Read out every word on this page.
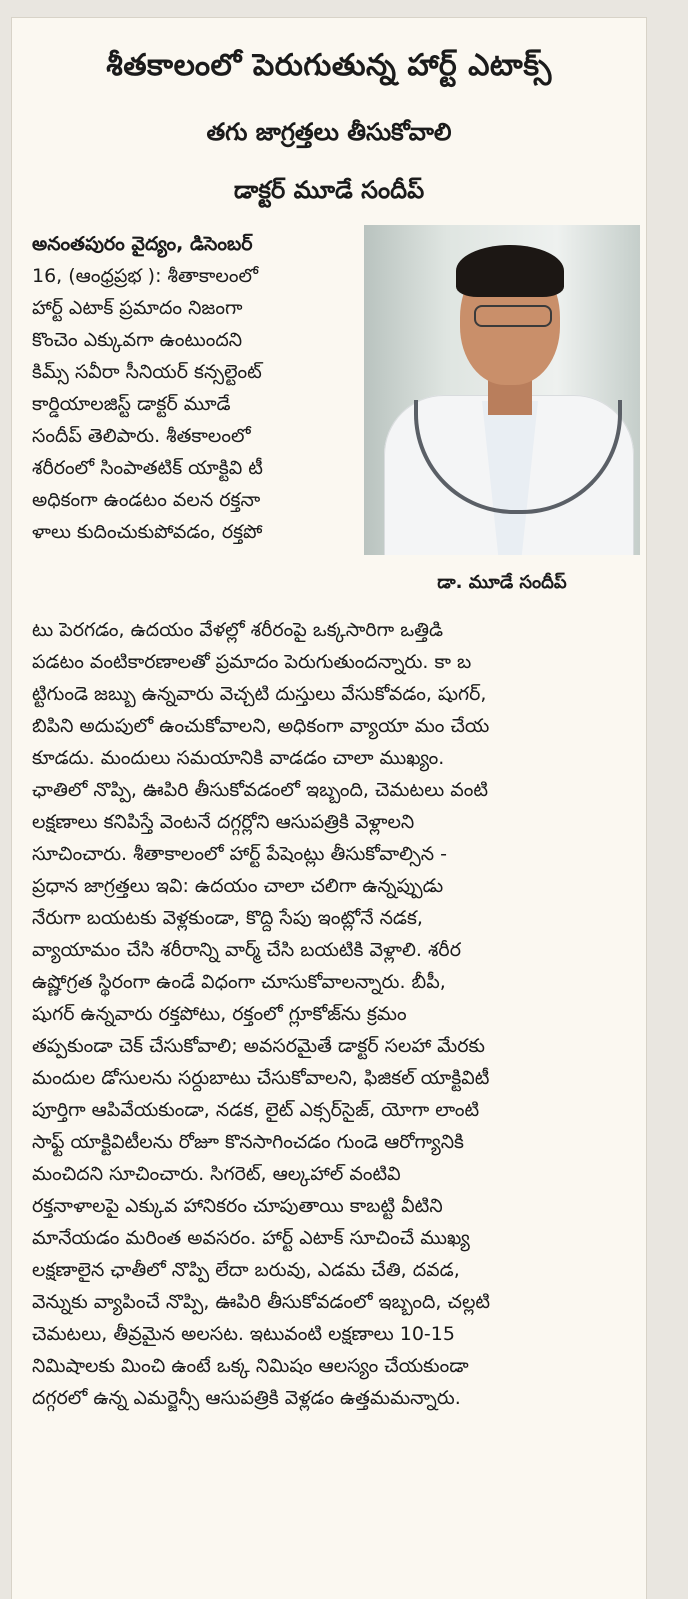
శీతకాలంలో పెరుగుతున్న హార్ట్ ఎటాక్స్
తగు జాగ్రత్తలు తీసుకోవాలి
డాక్టర్ మూడే సందీప్

అనంతపురం వైద్యం, డిసెంబర్

16, (ఆంధ్రప్రభ ): శీతాకాలంలో

హార్ట్ ఎటాక్ ప్రమాదం నిజంగా

కొంచెం ఎక్కువగా ఉంటుందని

కిమ్స్ సవీరా సీనియర్ కన్సల్టెంట్

కార్డియాలజిస్ట్ డాక్టర్ మూడే

సందీప్ తెలిపారు. శీతకాలంలో

శరీరంలో సింపాతటిక్ యాక్టివి టీ

అధికంగా ఉండటం వలన రక్తనా

ళాలు కుదించుకుపోవడం, రక్తపో

డా. మూడే సందీప్

టు పెరగడం, ఉదయం వేళల్లో శరీరంపై ఒక్కసారిగా ఒత్తిడి

పడటం వంటికారణాలతో ప్రమాదం పెరుగుతుందన్నారు. కా బ

ట్టిగుండె జబ్బు ఉన్నవారు వెచ్చటి దుస్తులు వేసుకోవడం, షుగర్,

బిపిని అదుపులో ఉంచుకోవాలని, అధికంగా వ్యాయా మం చేయ

కూడదు. మందులు సమయానికి వాడడం చాలా ముఖ్యం.

ఛాతిలో నొప్పి, ఊపిరి తీసుకోవడంలో ఇబ్బంది, చెమటలు వంటి

లక్షణాలు కనిపిస్తే వెంటనే దగ్గర్లోని ఆసుపత్రికి వెళ్లాలని

సూచించారు. శీతాకాలంలో హార్ట్ పేషెంట్లు తీసుకోవాల్సిన -

ప్రధాన జాగ్రత్తలు ఇవి: ఉదయం చాలా చలిగా ఉన్నప్పుడు

నేరుగా బయటకు వెళ్లకుండా, కొద్ది సేపు ఇంట్లోనే నడక,

వ్యాయామం చేసి శరీరాన్ని వార్మ్ చేసి బయటికి వెళ్లాలి. శరీర

ఉష్ణోగ్రత స్థిరంగా ఉండే విధంగా చూసుకోవాలన్నారు. బీపీ,

షుగర్ ఉన్నవారు రక్తపోటు, రక్తంలో గ్లూకోజ్‌ను క్రమం

తప్పకుండా చెక్ చేసుకోవాలి; అవసరమైతే డాక్టర్ సలహా మేరకు

మందుల డోసులను సర్దుబాటు చేసుకోవాలని, ఫిజికల్ యాక్టివిటీ

పూర్తిగా ఆపివేయకుండా, నడక, లైట్ ఎక్సర్‌సైజ్, యోగా లాంటి

సాఫ్ట్ యాక్టివిటీలను రోజూ కొనసాగించడం గుండె ఆరోగ్యానికి

మంచిదని సూచించారు. సిగరెట్, ఆల్కహాల్ వంటివి

రక్తనాళాలపై ఎక్కువ హానికరం చూపుతాయి కాబట్టి వీటిని

మానేయడం మరింత అవసరం. హార్ట్ ఎటాక్ సూచించే ముఖ్య

లక్షణాలైన ఛాతీలో నొప్పి లేదా బరువు, ఎడమ చేతి, దవడ,

వెన్నుకు వ్యాపించే నొప్పి, ఊపిరి తీసుకోవడంలో ఇబ్బంది, చల్లటి

చెమటలు, తీవ్రమైన అలసట. ఇటువంటి లక్షణాలు 10-15

నిమిషాలకు మించి ఉంటే ఒక్క నిమిషం ఆలస్యం చేయకుండా

దగ్గరలో ఉన్న ఎమర్జెన్సీ ఆసుపత్రికి వెళ్లడం ఉత్తమమన్నారు.
